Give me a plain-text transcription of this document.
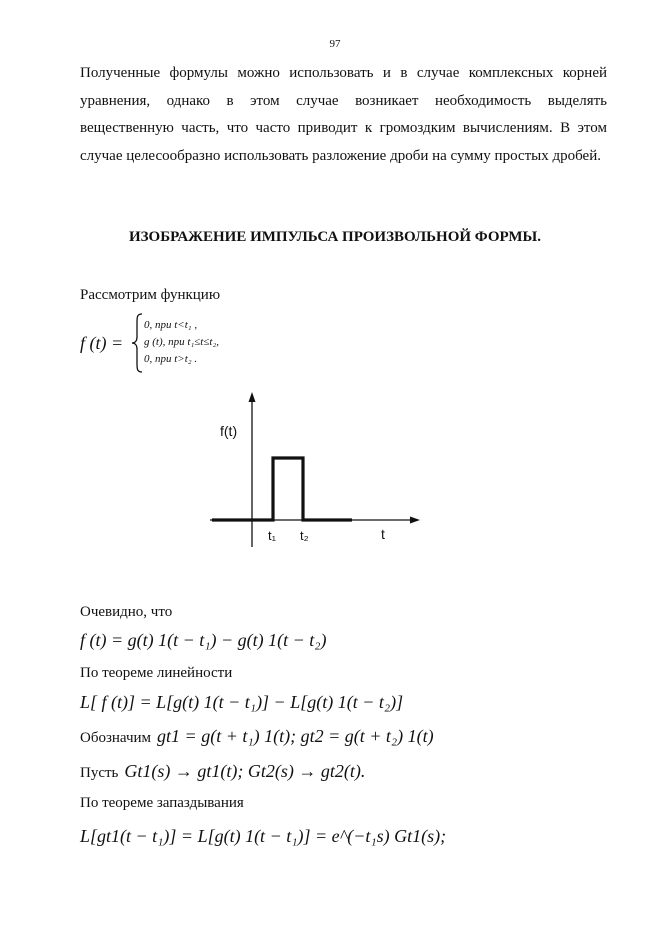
97
Полученные формулы можно использовать и в случае комплексных корней уравнения, однако в этом случае возникает необходимость выделять вещественную часть, что часто приводит к громоздким вычислениям. В этом случае целесообразно использовать разложение дроби на сумму простых дробей.
ИЗОБРАЖЕНИЕ ИМПУЛЬСА ПРОИЗВОЛЬНОЙ ФОРМЫ.
Рассмотрим функцию
f (t) =
0, при t<t₁ ,
g (t), при t₁≤t≤t₂,
0, при t>t₂ .
f(t)
t
t₁ t₂
Очевидно, что
f (t) = g(t) 1(t − t₁) − g(t) 1(t − t₂)
По теореме линейности
L[ f (t)] = L[g(t) 1(t − t₁)] − L[g(t) 1(t − t₂)]
Обозначим gt1 = g(t + t₁) 1(t); gt2 = g(t + t₂) 1(t)
Пусть Gt1(s) → gt1(t); Gt2(s) → gt2(t).
По теореме запаздывания
L[gt1(t − t₁)] = L[g(t) 1(t − t₁)] = e^(−t₁s) Gt1(s);
